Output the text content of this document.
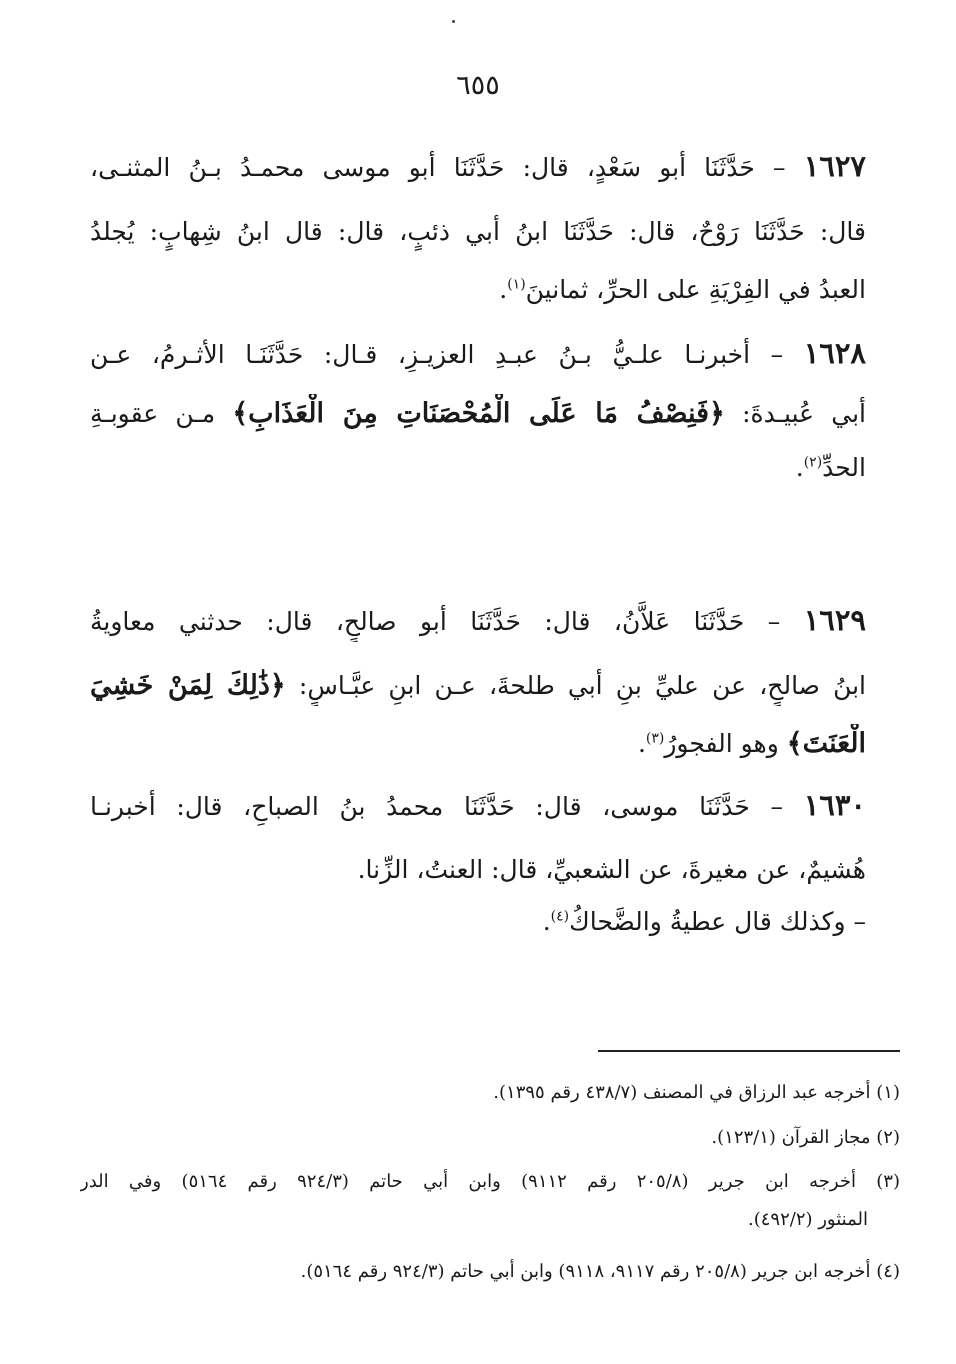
٦٥٥
١٦٢٧ – حَدَّثَنَا أبو سَعْدٍ، قال: حَدَّثَنَا أبو موسى محمـدُ بـنُ المثنـى،
قال: حَدَّثَنَا رَوْحٌ، قال: حَدَّثَنَا ابنُ أبي ذئبٍ، قال: قال ابنُ شِهابٍ: يُجلدُ
العبدُ في الفِرْيَةِ على الحرِّ، ثمانينَ$^{(١)}$.
١٦٢٨ – أخبرنـا علـيُّ بـنُ عبـدِ العزيـزِ، قـال: حَدَّثَنَـا الأثـرمُ، عـن
أبي عُبيـدةَ: ﴿فَنِصْفُ مَا عَلَى الْمُحْصَنَاتِ مِنَ الْعَذَابِ﴾ مـن عقوبـةِ
الحدِّ$^{(٢)}$.
١٦٢٩ – حَدَّثَنَا عَلاَّنُ، قال: حَدَّثَنَا أبو صالحٍ، قال: حدثني معاويةُ
ابنُ صالحٍ، عن عليِّ بنِ أبي طلحةَ، عـن ابنِ عبَّـاسٍ: ﴿ذَٰلِكَ لِمَنْ خَشِيَ
الْعَنَتَ﴾ وهو الفجورُ$^{(٣)}$.
١٦٣٠ – حَدَّثَنَا موسى، قال: حَدَّثَنَا محمدُ بنُ الصباحِ، قال: أخبرنـا
هُشيمٌ، عن مغيرةَ، عن الشعبيِّ، قال: العنتُ، الزِّنا.
– وكذلك قال عطيةُ والضَّحاكُ$^{(٤)}$.
(١) أخرجه عبد الرزاق في المصنف (٤٣٨/٧ رقم ١٣٩٥).
(٢) مجاز القرآن (١٢٣/١).
(٣) أخرجه ابن جرير (٢٠٥/٨ رقم ٩١١٢) وابن أبي حاتم (٩٢٤/٣ رقم ٥١٦٤) وفي الدر
المنثور (٤٩٢/٢).
(٤) أخرجه ابن جرير (٢٠٥/٨ رقم ٩١١٧، ٩١١٨) وابن أبي حاتم (٩٢٤/٣ رقم ٥١٦٤).
